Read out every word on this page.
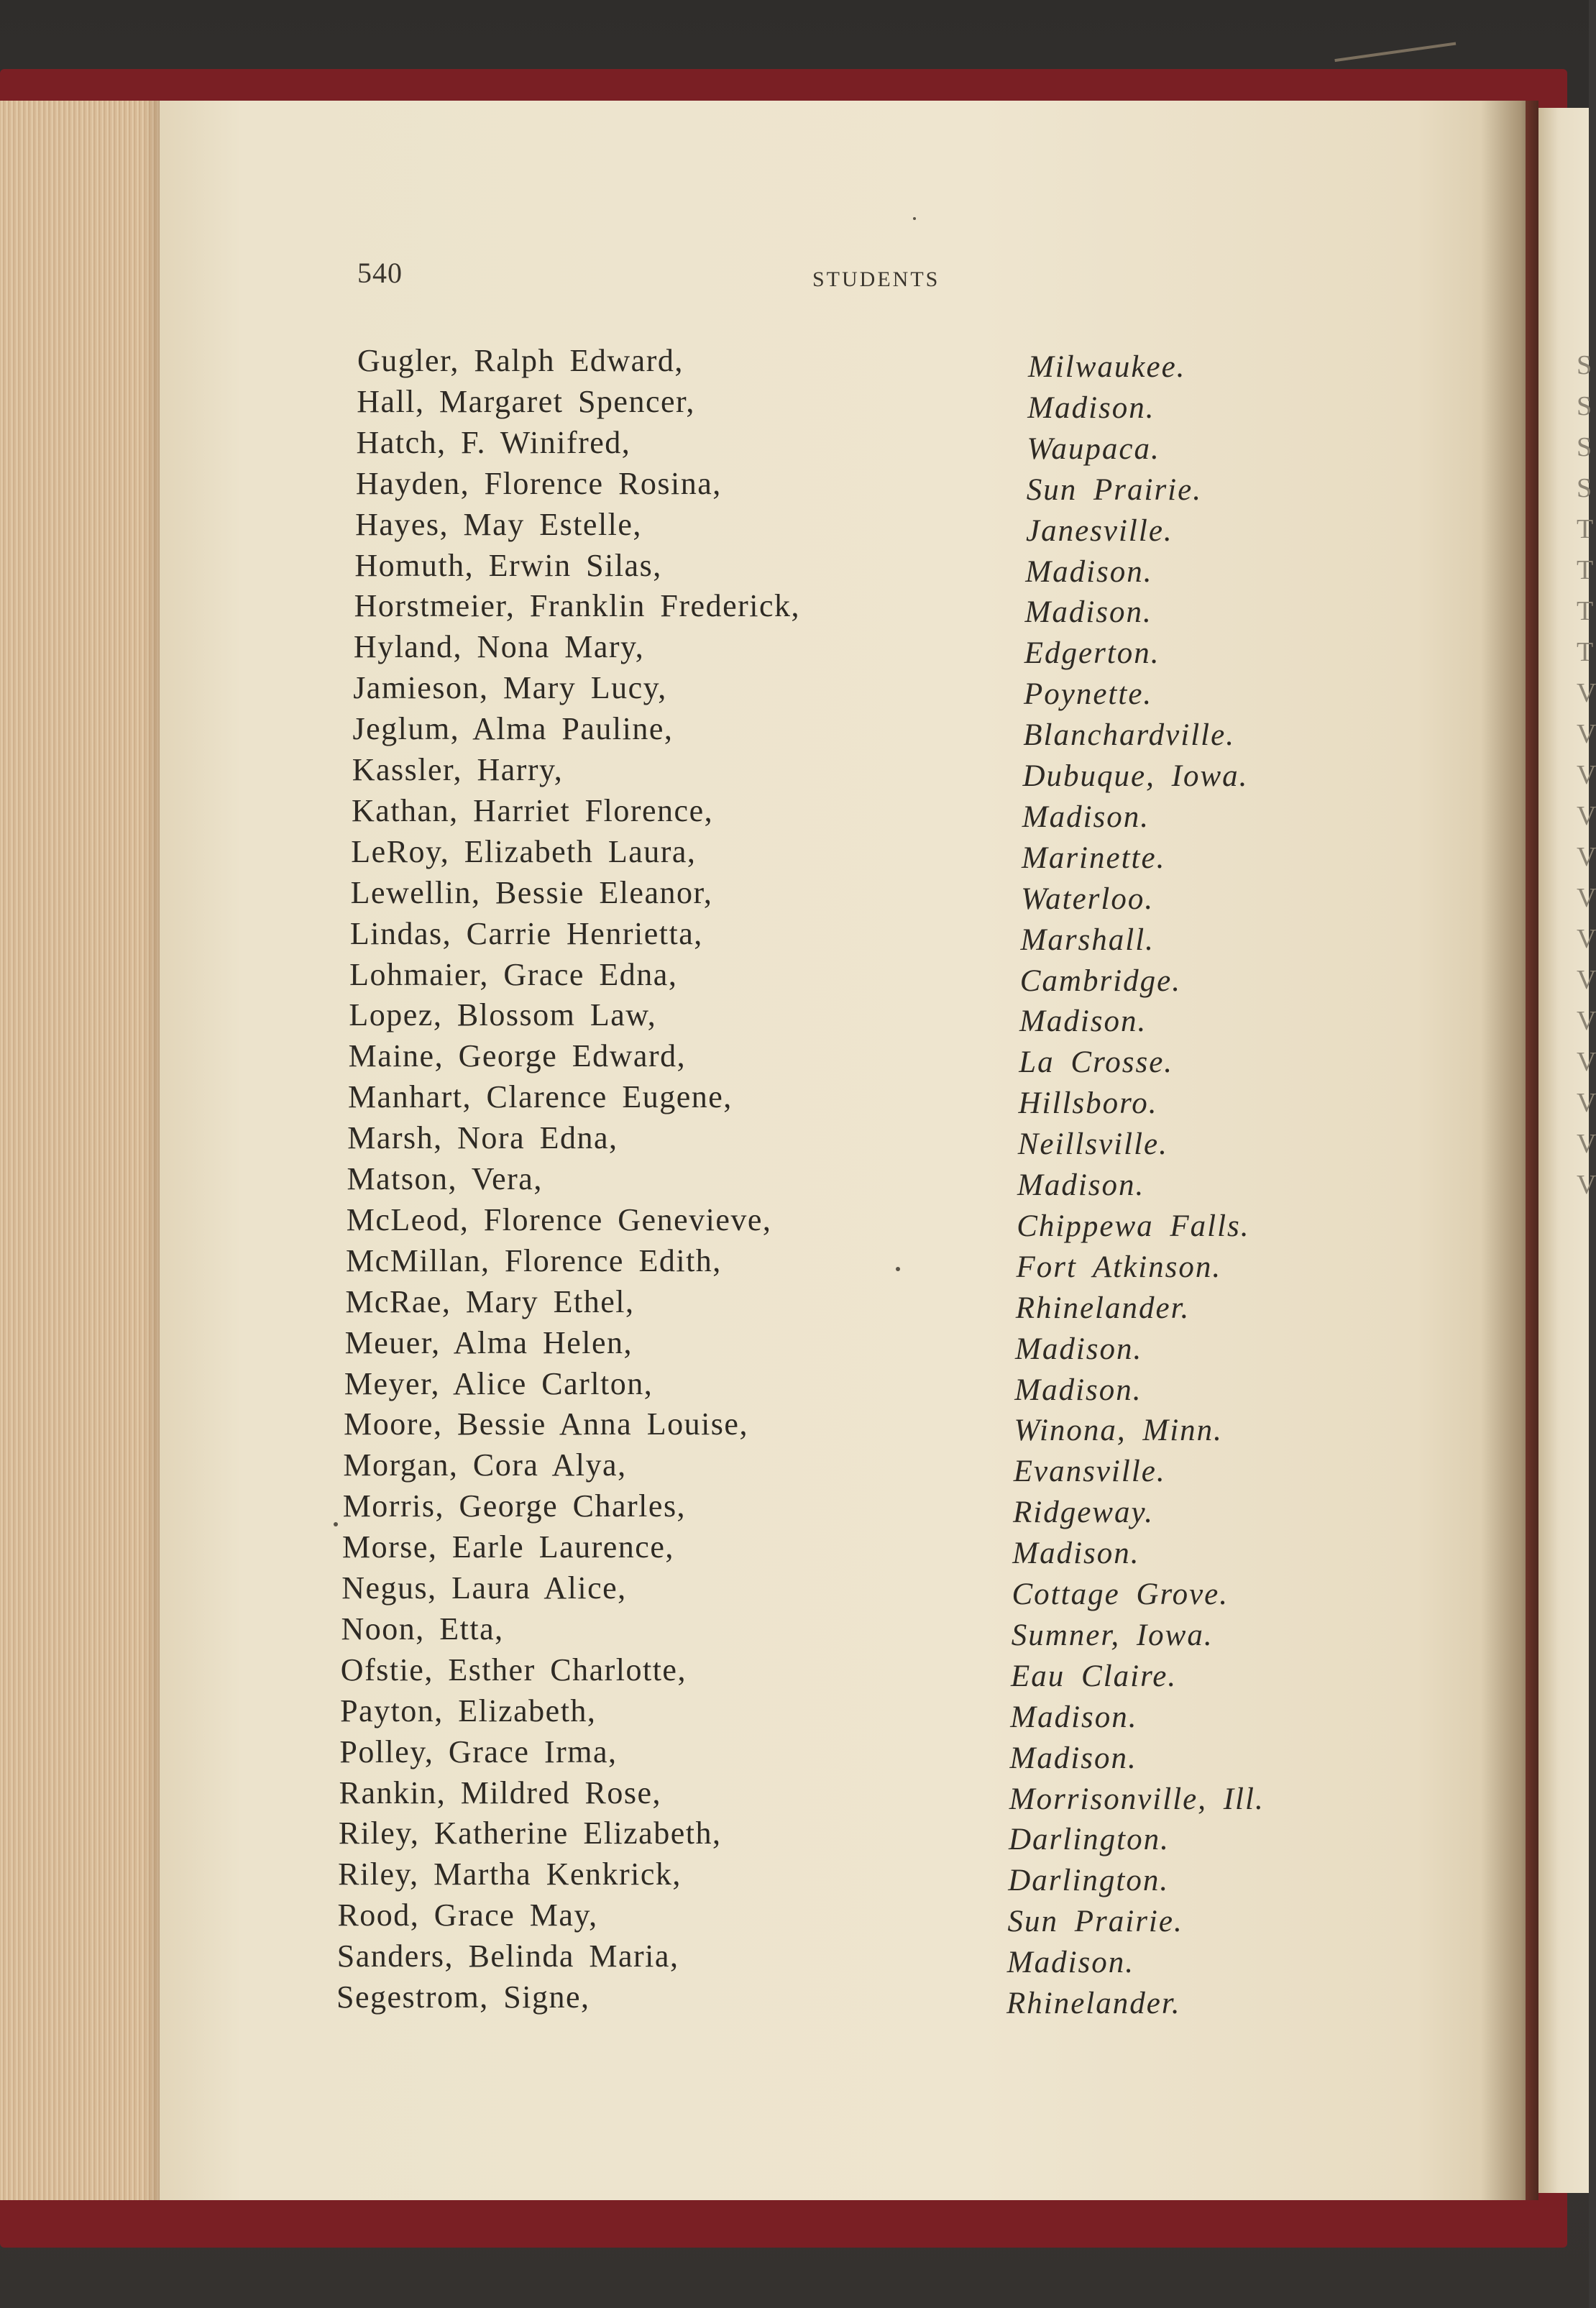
S
S
S
S
T
T
T
T
V
V
V
V
V
V
V
V
V
V
V
V
V
540	STUDENTS
Gugler, Ralph Edward,	Milwaukee.
Hall, Margaret Spencer,	Madison.
Hatch, F. Winifred,	Waupaca.
Hayden, Florence Rosina,	Sun Prairie.
Hayes, May Estelle,	Janesville.
Homuth, Erwin Silas,	Madison.
Horstmeier, Franklin Frederick,	Madison.
Hyland, Nona Mary,	Edgerton.
Jamieson, Mary Lucy,	Poynette.
Jeglum, Alma Pauline,	Blanchardville.
Kassler, Harry,	Dubuque, Iowa.
Kathan, Harriet Florence,	Madison.
LeRoy, Elizabeth Laura,	Marinette.
Lewellin, Bessie Eleanor,	Waterloo.
Lindas, Carrie Henrietta,	Marshall.
Lohmaier, Grace Edna,	Cambridge.
Lopez, Blossom Law,	Madison.
Maine, George Edward,	La Crosse.
Manhart, Clarence Eugene,	Hillsboro.
Marsh, Nora Edna,	Neillsville.
Matson, Vera,	Madison.
McLeod, Florence Genevieve,	Chippewa Falls.
McMillan, Florence Edith,	Fort Atkinson.
McRae, Mary Ethel,	Rhinelander.
Meuer, Alma Helen,	Madison.
Meyer, Alice Carlton,	Madison.
Moore, Bessie Anna Louise,	Winona, Minn.
Morgan, Cora Alya,	Evansville.
Morris, George Charles,	Ridgeway.
Morse, Earle Laurence,	Madison.
Negus, Laura Alice,	Cottage Grove.
Noon, Etta,	Sumner, Iowa.
Ofstie, Esther Charlotte,	Eau Claire.
Payton, Elizabeth,	Madison.
Polley, Grace Irma,	Madison.
Rankin, Mildred Rose,	Morrisonville, Ill.
Riley, Katherine Elizabeth,	Darlington.
Riley, Martha Kenkrick,	Darlington.
Rood, Grace May,	Sun Prairie.
Sanders, Belinda Maria,	Madison.
Segestrom, Signe,	Rhinelander.
